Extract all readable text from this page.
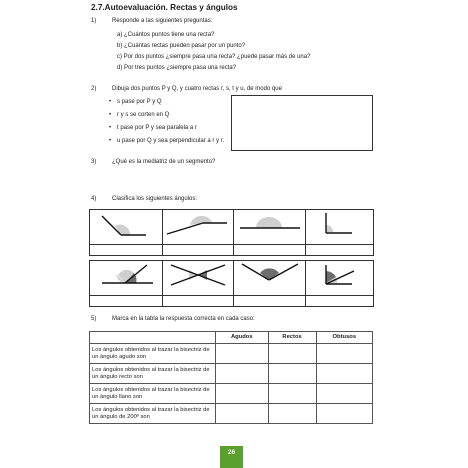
2.7.Autoevaluación. Rectas y ángulos
1)	Responde a las siguientes preguntas:
a) ¿Cuántos puntos tiene una recta?
b) ¿Cuántas rectas pueden pasar por un punto?
c) Por dos puntos ¿siempre pasa una recta? ¿puede pasar más de una?
d) Por tres puntos ¿siempre pasa una recta?
2)	Dibuja dos puntos P y Q, y cuatro rectas r, s, t y u, de modo que
• s pase por P y Q
• r y s se corten en Q
• t pase por P y sea paralela a r
• u pase por Q y sea perpendicular a r y r.
3)	¿Qué es la mediatriz de un segmento?
4)	Clasifica los siguientes ángulos:

5)	Marca en la tabla la respuesta correcta en cada caso:
	Agudos	Rectos	Obtusos
Los ángulos obtenidos al trazar la bisectriz de un ángulo agudo son			
Los ángulos obtenidos al trazar la bisectriz de un ángulo recto son			
Los ángulos obtenidos al trazar la bisectriz de un ángulo llano son			
Los ángulos obtenidos al trazar la bisectriz de un ángulo de 200º son			
26
